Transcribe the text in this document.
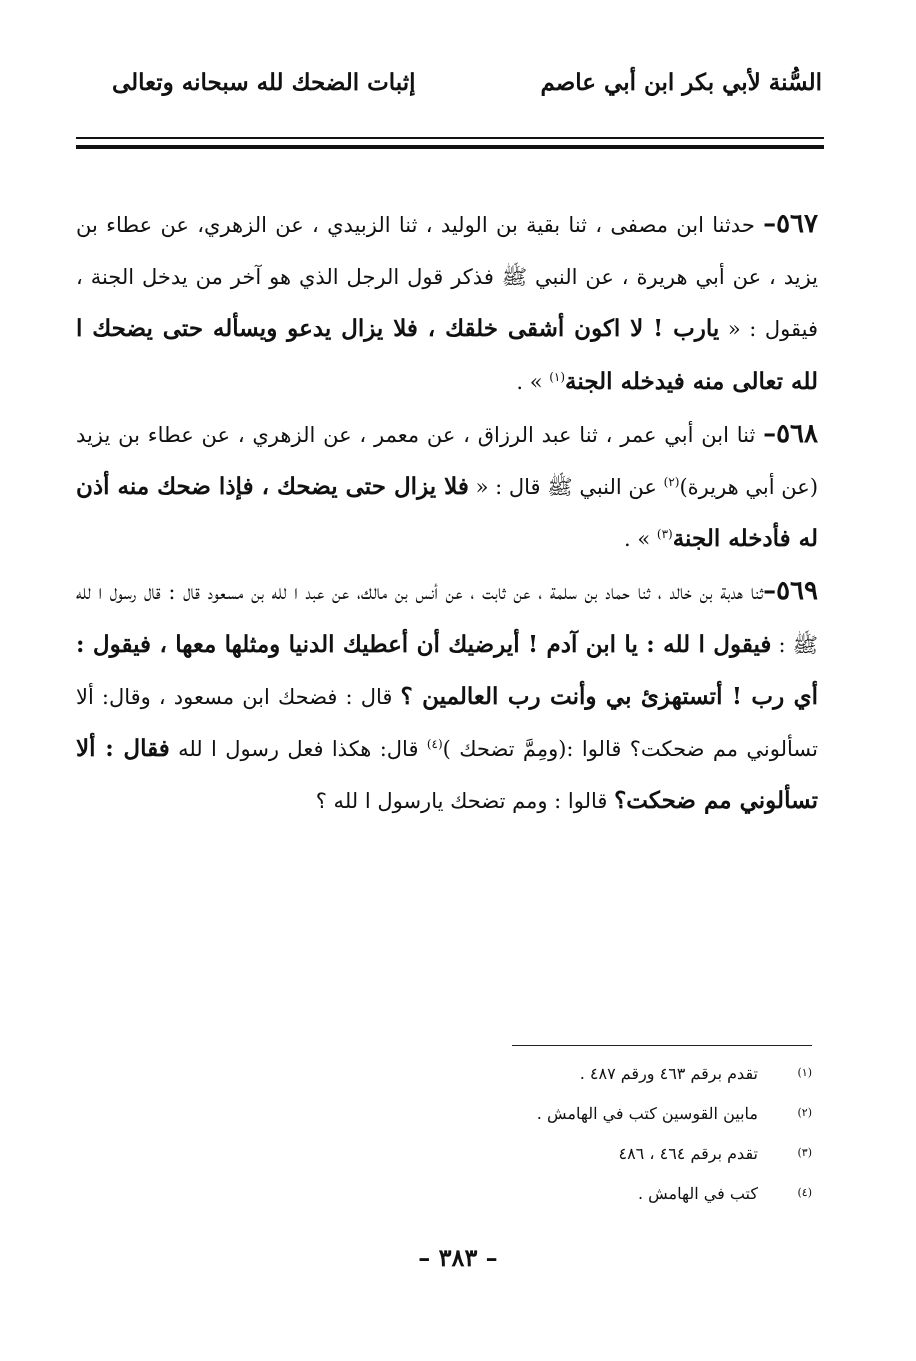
السُّنة لأبي بكر ابن أبي عاصم
إثبات الضحك لله سبحانه وتعالى

٥٦٧– حدثنا ابن مصفى ، ثنا بقية بن الوليد ، ثنا الزبيدي ، عن الزهري، عن عطاء بن يزيد ، عن أبي هريرة ، عن النبي ﷺ فذكر قول الرجل الذي هو آخر من يدخل الجنة ، فيقول : « يارب ! لا اكون أشقى خلقك ، فلا يزال يدعو ويسأله حتى يضحك ا لله تعالى منه فيدخله الجنة$^{(١)}$ » .

٥٦٨– ثنا ابن أبي عمر ، ثنا عبد الرزاق ، عن معمر ، عن الزهري ، عن عطاء بن يزيد (عن أبي هريرة)$^{(٢)}$ عن النبي ﷺ قال : « فلا يزال حتى يضحك ، فإذا ضحك منه أذن له فأدخله الجنة$^{(٣)}$ » .

٥٦٩–ثنا هدبة بن خالد ، ثنا حماد بن سلمة ، عن ثابت ، عن أنس بن مالك، عن عبد ا لله بن مسعود قال : قال رسول ا لله ﷺ : فيقول ا لله : يا ابن آدم ! أيرضيك أن أعطيك الدنيا ومثلها معها ، فيقول : أي رب ! أتستهزئ بي وأنت رب العالمين ؟ قال : فضحك ابن مسعود ، وقال: ألا تسألوني مم ضحكت؟ قالوا :(ومِمَّ تضحك )$^{(٤)}$ قال: هكذا فعل رسول ا لله فقال : ألا تسألوني مم ضحكت؟ قالوا : ومم تضحك يارسول ا لله ؟

(١)
تقدم برقم ٤٦٣ ورقم ٤٨٧ .
(٢)
مابين القوسين كتب في الهامش .
(٣)
تقدم برقم ٤٦٤ ، ٤٨٦
(٤)
كتب في الهامش .
– ٣٨٣ –
